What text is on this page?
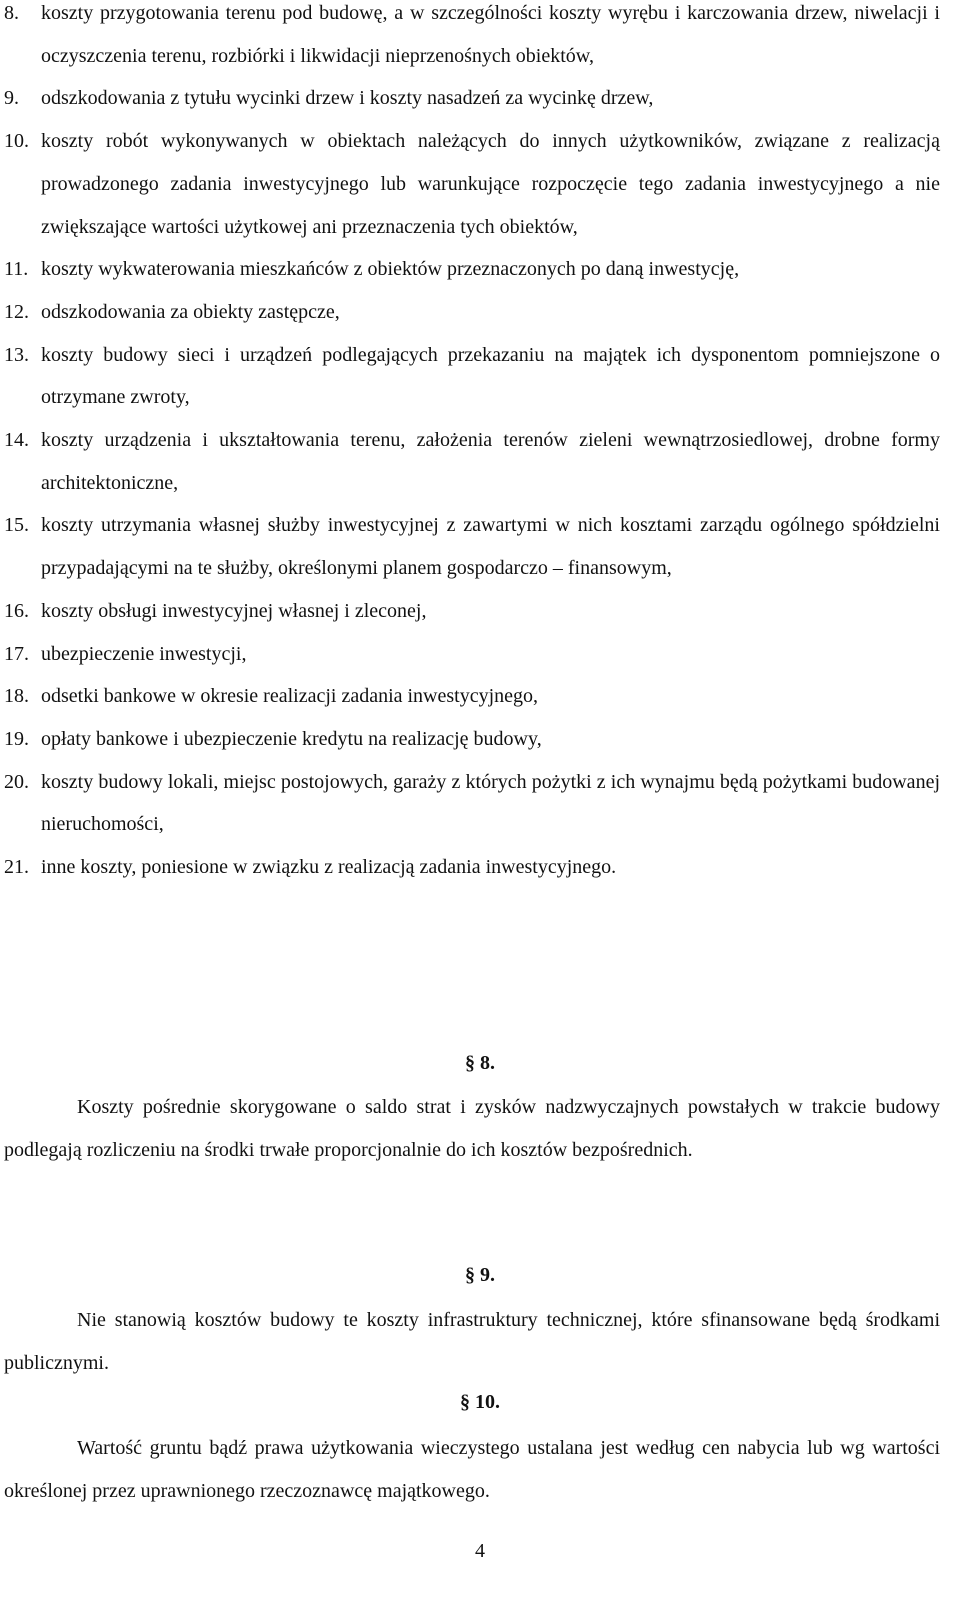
8. koszty przygotowania terenu pod budowę, a w szczególności koszty wyrębu i karczowania drzew, niwelacji i oczyszczenia terenu, rozbiórki i likwidacji nieprzenośnych obiektów,
9. odszkodowania z tytułu wycinki drzew i koszty nasadzeń za wycinkę drzew,
10. koszty robót wykonywanych w obiektach należących do innych użytkowników, związane z realizacją prowadzonego zadania inwestycyjnego lub warunkujące rozpoczęcie tego zadania inwestycyjnego a nie zwiększające wartości użytkowej ani przeznaczenia tych obiektów,
11. koszty wykwaterowania mieszkańców z obiektów przeznaczonych po daną inwestycję,
12. odszkodowania za obiekty zastępcze,
13. koszty budowy sieci i urządzeń podlegających przekazaniu na majątek ich dysponentom pomniejszone o otrzymane zwroty,
14. koszty urządzenia i ukształtowania terenu, założenia terenów zieleni wewnątrzosiedlowej, drobne formy architektoniczne,
15. koszty utrzymania własnej służby inwestycyjnej z zawartymi w nich kosztami zarządu ogólnego spółdzielni przypadającymi na te służby, określonymi planem gospodarczo – finansowym,
16. koszty obsługi inwestycyjnej własnej i zleconej,
17. ubezpieczenie inwestycji,
18. odsetki bankowe w okresie realizacji zadania inwestycyjnego,
19. opłaty bankowe i ubezpieczenie kredytu na realizację budowy,
20. koszty budowy lokali, miejsc postojowych, garaży z których pożytki z ich wynajmu będą pożytkami budowanej nieruchomości,
21. inne koszty, poniesione w związku z realizacją zadania inwestycyjnego.
§ 8.
Koszty pośrednie skorygowane o saldo strat i zysków nadzwyczajnych powstałych w trakcie budowy podlegają rozliczeniu na środki trwałe proporcjonalnie do ich kosztów bezpośrednich.
§ 9.
Nie stanowią kosztów budowy te koszty infrastruktury technicznej, które sfinansowane będą środkami publicznymi.
§ 10.
Wartość gruntu bądź prawa użytkowania wieczystego ustalana jest według cen nabycia lub wg wartości określonej przez uprawnionego rzeczoznawcę majątkowego.
4
